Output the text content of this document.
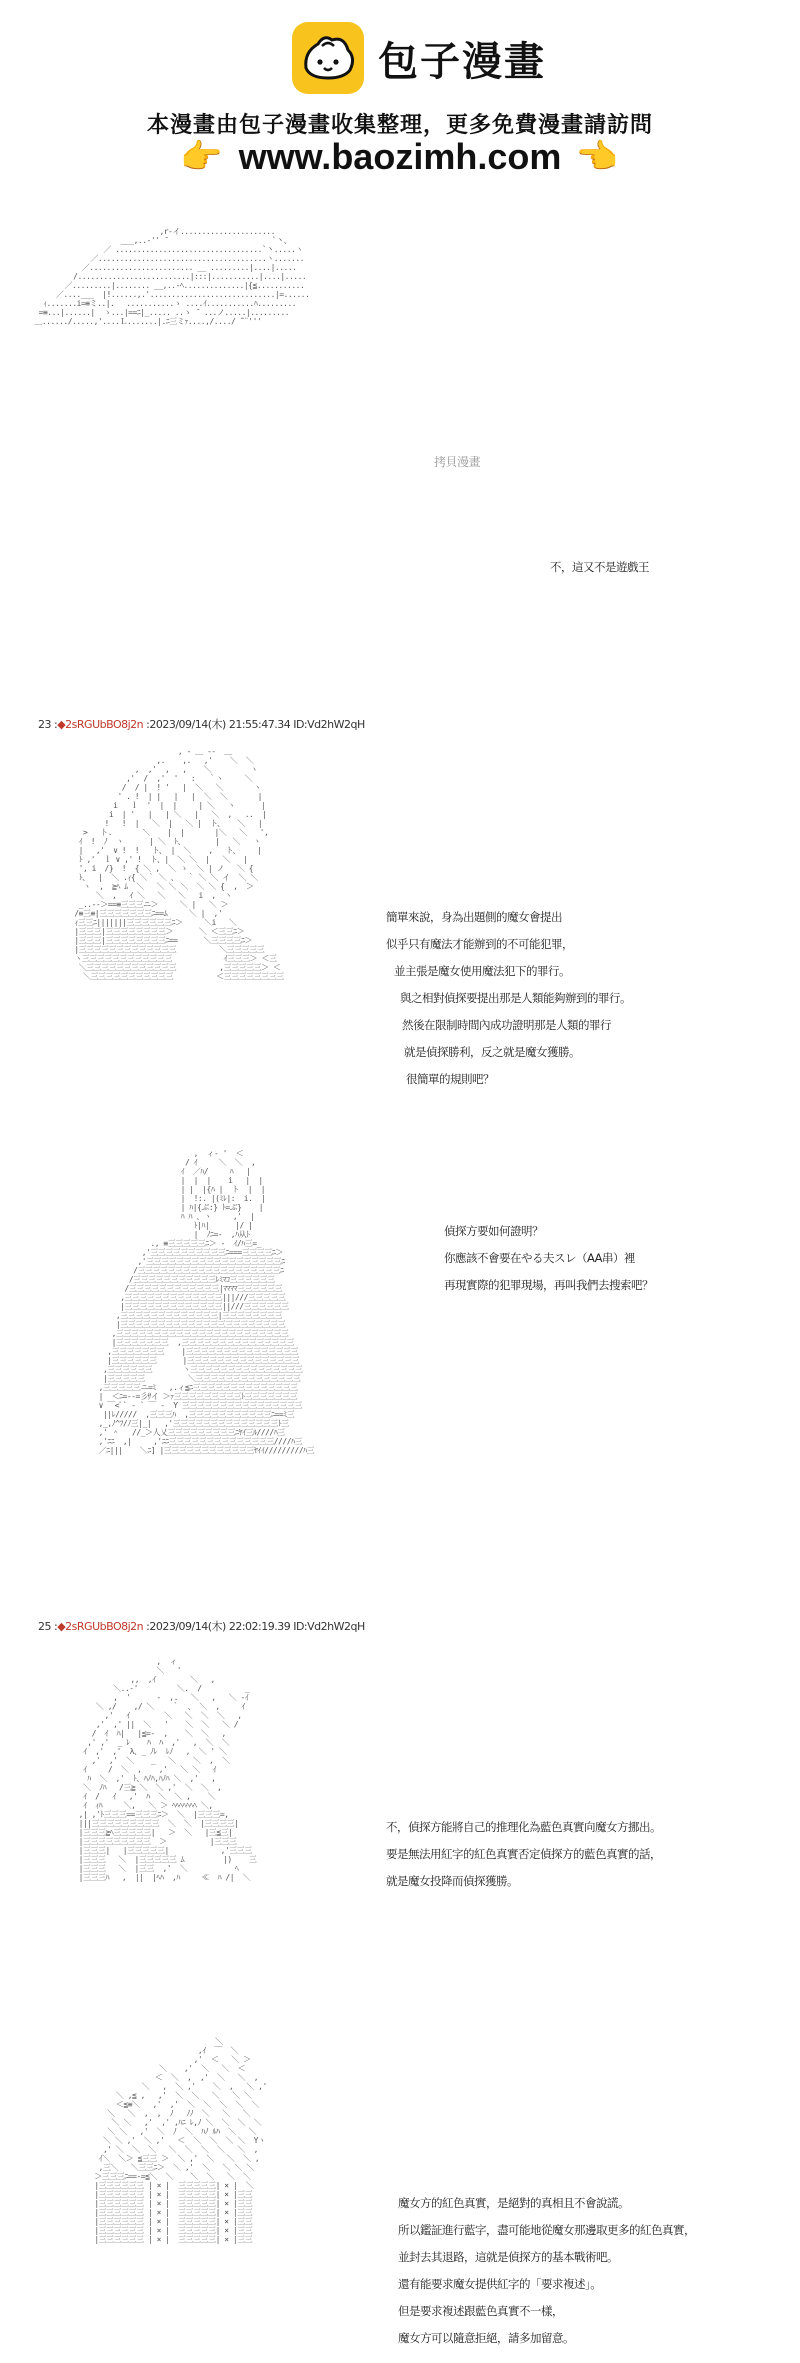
包子漫畫
本漫畫由包子漫畫收集整理，更多免費漫畫請訪問
👉 www.baozimh.com 👉

,r-イ......................
___,..-'' ̄                         `丶、
／ ..................................`丶.....ヽ
／.......................................ヽ.......
／........................ __ .........|....|.....
/..........................|:::|...........|....|.....
／.........|........ __,..-ﾍ..............|{≦...........
／....___  |!......,.'.............................|=......
ｨ.......i=≡ミ..|.　 ...........ゝ ....ｲ...........ﾊ.........
=≡...|......|  ゝ...|==ﾆ|_..... ..ゝ ̄  ...ノ.....|.........
＿....../.....,'....Ｌ.......|.ﾆ三ミｧ....,/..../ ̄¨¨'''

不，這又不是遊戲王

23 :◆2sRGUbBO8j2n :2023/09/14(木) 21:55:47.34 ID:Vd2hW2qH

, - ＿ -‐  ＿
,.    ,.   ,'    ＼  ＼
,  ,'  ,   ,    ＼         ヽ
,'  /  ,'  '   :   ｀ヽ     ＼
/  / |  ! '   |  ＼   ＼       ヽ
' . !  | |   |   |  ＼  ＼       |
i   ｌ  '  |  |     | ＼   ヽ      |
i  | '   |   | ＼   |   ＼  ,   ..  |
!   !  |   ＼  |   ＼ |  ト、   ＼   |
>   ト.       ＼    |  |       |＼   ＼   ',
ｲ  !  ﾉ  ヽ      | ＼  ﾄ、       |   ＼   ヽ
|   ,'  ∨ !  !   ト、 |  ＼    ,   ト、    |
ﾄ ,'  ｌ ∨ ,' !  ト、|  ＼ ＼  |   ＼   |
', i  /}  !  { ＼ ,  ＼ ゝ  ＼ | ノ   ＼ {
ﾄ、  |  ＼ .ｨ{ ＼｀ ＼ 、  ｀ ＼ ＼ イ  ＼ ＼
ヽ  ,  ≧ﾍ ﾑ  ＼   ＼ ＼ ＼  ＼ ＼ {  ,  ＞
＼  ,   ｲ ＼   ＼   ＼   i  ,  ヽ
_..-‐＞==≡三三三ニ＞     ＼ |   ＼ ＞
/≡三≡|三三三三三三三ﾆ==ﾑ     ＼ |  ,'
ｨ三三ﾆ|||||||三三三三三三ﾆ＞     ＼i   ＼
|三三三|三三三三三三三三＞      ＼ ＜三三ﾆ＞
|三三三|三三三三三三三三ﾆ==      ＼三三三三ﾆ＞
|三三三三三三三三三三三三三          ＼三三三三三
ヽ三三三三三三三三三三三三            ｲ三三三＞ ＜三
＼三三三三三三三三三三三三          ,三三三三三＞ ＜
＼三三三三三三三三三三三          ＜三三三三三三三三

簡單來說，身為出題側的魔女會提出
似乎只有魔法才能辦到的不可能犯罪，
並主張是魔女使用魔法犯下的罪行。
與之相對偵探要提出那是人類能夠辦到的罪行。
然後在限制時間內成功證明那是人類的罪行
就是偵探勝利，反之就是魔女獲勝。
很簡單的規則吧？

,  ィ- '  ＜
/ ｲ     ＼  ＼  ,
ｲ  ／ﾊ/     ﾊ   |
|  |  |    i   |  |
| |  |{ﾊ |  ト  |  |
|  !:. |(ﾐﾚ|:  i.  |
| ﾊ|{ぶ:} ﾄ=ぶ}    |
ﾊ ﾊ 、ヽ     ,'  |
ﾄ|ﾊ|      |/ |
|  ﾉﾆ=-  ,ﾊ从ﾄ
., ≡三三三三三ﾆ＞ -  ｲ/ﾊ三=_
,'三三三三三三三三三三ﾆ===三三三三ﾆ＞
,'三三三三三三三三三三三三三三三三三三ﾆ
/三三三三三三三三三三三三三三三三三三三ﾆ
/三三三三三三三三三三三ﾚﾐﾏｺ三三三三三三
/三三三三三三三三三三三三|ﾏﾏﾏﾏ三三三三三三
,三三三三三三三三三三三三三|||///三三三三三
|三三三三三三三三三三三三三||///三三三三三三
,三三三三三三三三三三三三三|三三三三三三三三
|三三三三三三三三三三三三三三三三三三三三三三
,三三三三三三三三三三三三三三三三三三三三三三三
|三三三三三三三  ,三三三三三三三三三三三三三三三
,三三三三三三三    |三三三三三三三三三三三三三三三
|三三三三三三      |三三三三三三三三三三三三三三三
,三三三三三三       ヽ三三三三三三三三三三三三三三三
|三三三三三          ＼三三三三三三三三三三三三三三
,三三三三三ニ=ﾐ   ,.ィ≦ﾆ三三三三三三三三三三三三三三
|  ＜ﾆ=-‐=彡ｻイ ＞ｧ三三三三三三三三三ﾄ三三三三三三三
∨ ￣<ﾟ` - ` ￣ ‐  Y 三三三三三三三三三三三三三三三三
||ﾚ/////  ,三三三ﾊ  ,三三三三三三三三三三三ﾆ==ﾐ三
,_,ﾉ^ﾌ/ﾉ三|_|   ,'三三三三三三三三三三三三三三ﾄ三
,' ＾   //_＞人乂三三三三三三三三三ﾆﾔｲ三ﾙ////ﾊ三
,'ﾆﾆ  ,|     ,'ﾆﾆ三三三三三三三三三三三三三三////ﾊ三
／ﾆ|||    ＼ﾆ] |三三三三三三三三三三三三ﾔｲｲ/////////ﾊ三

偵探方要如何證明？
你應該不會要在やる夫スレ（AA串）裡
再現實際的犯罪現場，再叫我們去搜索吧？

25 :◆2sRGUbBO8j2n :2023/09/14(木) 22:02:19.39 ID:Vd2hW2qH

,  ィ
＼   '
,,  ,ｲ        ＼   ,
＼..-'         ＼.  /          _
,  '      ‐  ,.   ＼   ,   ＼ -ｲ
＼ ,/    ,/ ＼    ｀  、 ＼  ,     ｲ
,'   ｲ        ＼   ＼  ＼  ＼   ,
,'  ,' ||  ＼   '    ＼  ＼   ＼ /
/  ｲ  ﾊ|   |≦=-  ,    ＼  ＼   ,
,' ,'  _ ﾚ    ﾊ  ﾊ  ,'   ,  ＼  ＼
ｲ  ,'  ,'  λ、_ ﾉﾚ  ﾚﾉ   ,  ＼ ' ＼
,'  ,'  ＼    _   ＼    ＼  ,  ＼
ｲ     /  ＼  ,    ,'   ＼ ＼   ｲ
ﾊ  ＼  ,'  ﾄ、ﾊﾉﾊ,ﾊﾉﾊ ＼  ,'   ,
＼  ﾉﾊ   /三≧ ＼  ＼ ,'  ＼  ＼  ,
ｲ  /   ｲ   ,'  ﾊ  ＼  ＼ ,    ＼
ｲ  ｨﾊ     ＼,   ＼ ＞ ﾍﾍﾍﾍﾍﾍﾍ ＼,
,| ,'ﾄ三三三==三三三ﾆ＞  ＼  |三三三=,
|||三三三三三三三三三  ＼  ＼  |三三三三|
|三三三≧ﾍ三三三三三|   ＞  ＼   |三≦三|
|三三三三三三三三三  ＞          |三三三
|三三三|   |三三三三三|            ,'三三三
|三三三   ＼  |三三三三三 ﾑ         |)    三
|三三三   ＼  |三三  ,'  ＼           ﾍ
|三三三ﾊ   ,  ||  |ﾍﾊ  ,ﾊ     ≪  ﾊ /|  ＼

不，偵探方能將自己的推理化為藍色真實向魔女方挪出。
要是無法用紅字的紅色真實否定偵探方的藍色真實的話，
就是魔女投降而偵探獲勝。

＼
,ｲ  ￣  ＼
,'  ＜   ＼ ＞
＼    ,'  ＼   ＼  ＜
＜  ＼  ,  ,'  ＼   ＼  ,
＼   ,  ＼ ,'    ＼  ,   ＼ ,'
＼ ,≦ ,   ,'  ＼  ＼   ＼   ＼ ＼
＜≦≡＼   ,'  ,'  ＼  ＼  ＼  ＼  ＼
＼   ＼  ,  ,  ﾉ   ﾉﾉ  ＼   ＼   ＼
＼ ＼   ,'  ,' ,ﾊﾆ ﾚ,ﾉ ＼  ＼  ＼  ＼
＼ ＼   ,'  ＼  ﾉ  ＼  ﾊﾉ ﾙﾊ  ＼   ＼
＼ ＼ ,'  ＼ ,'   ＜  ＼  ＼  ＼ ＼  Yヽ
,' ＼  ＼  ＼   ＼  ＼  ＼  ＼   ＼  ,
ｲ＼  ＼＞ ≦三三 ＞  ＼ ,'  ＼   ＼  ＼ ,
,三＼   ＼三三ﾆ＞  ＼ ,'  ＼   ＼ ＼ ＼
＞三三三ﾆ==‐=≦＼  ＼    ＼  ＼   ＼  ＼
|三三三三三三 | × |  三三三三三| × |  ＼
|三三三三三三 | × |  三三三三三| × |三三
|三三三三三三 | × |  三三三三三| × |三三
|三三三三三三 | × |  三三三三三| × |三三
|三三三三三三 | × |  三三三三三| × |三三
|三三三三三三 | × |  三三三三三| × |三三
|三三三三三三 | × |  三三三三三| × |三三

魔女方的紅色真實，是絕對的真相且不會說謊。
所以鑑証進行藍字，盡可能地從魔女那邊取更多的紅色真實，
並封去其退路，這就是偵探方的基本戰術吧。
還有能要求魔女提供紅字的「要求複述」。
但是要求複述跟藍色真實不一樣，
魔女方可以隨意拒絕，請多加留意。

拷貝漫畫
